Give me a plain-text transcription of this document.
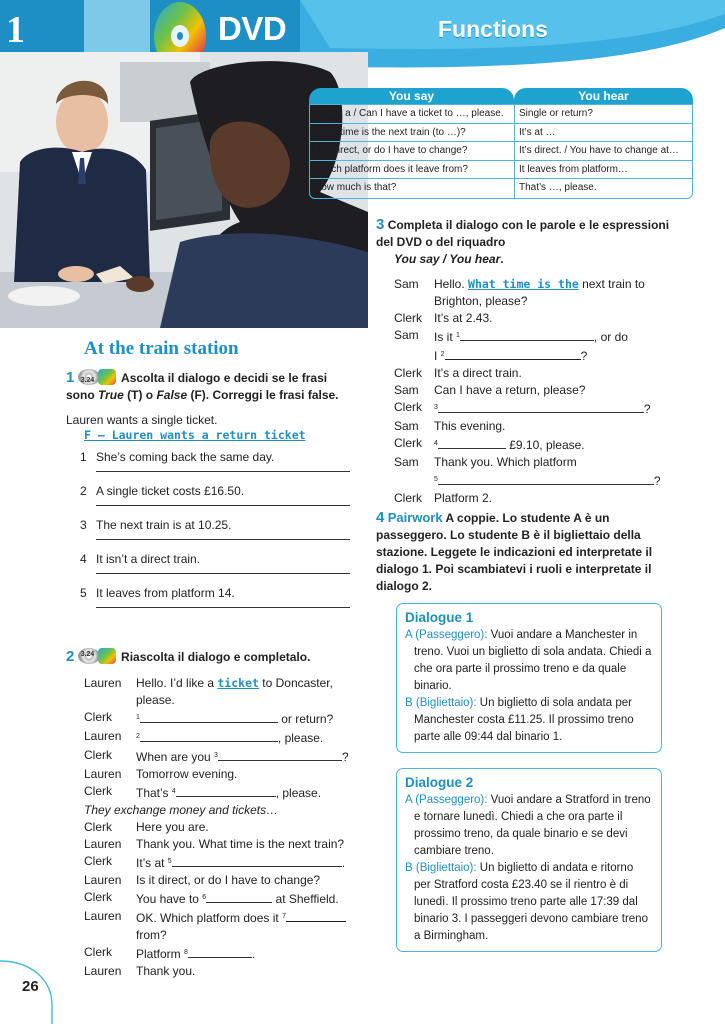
1	DVD	Functions
You say	You hear
I’d like a / Can I have a ticket to …, please.	Single or return?
What time is the next train (to …)?	It’s at …
Is it direct, or do I have to change?	It’s direct. / You have to change at…
Which platform does it leave from?	It leaves from platform…
How much is that?	That’s …, please.
At the train station
1 3.24 Ascolta il dialogo e decidi se le frasi sono True (T) o False (F). Correggi le frasi false.
Lauren wants a single ticket.
F – Lauren wants a return ticket
1 She’s coming back the same day.
2 A single ticket costs £16.50.
3 The next train is at 10.25.
4 It isn’t a direct train.
5 It leaves from platform 14.
2 3.24 Riascolta il dialogo e completalo.
Lauren	Hello. I’d like a ticket to Doncaster, please.
Clerk	$^1$	or return?
Lauren	$^2$	, please.
Clerk	When are you $^3$	?
Lauren	Tomorrow evening.
Clerk	That’s $^4$	, please.
They exchange money and tickets…
Clerk	Here you are.
Lauren	Thank you. What time is the next train?
Clerk	It’s at $^5$	.
Lauren	Is it direct, or do I have to change?
Clerk	You have to $^6$	at Sheffield.
Lauren	OK. Which platform does it $^7$
from?
Clerk	Platform $^8$	.
Lauren	Thank you.
3 Completa il dialogo con le parole e le espressioni del DVD o del riquadro
You say / You hear.
Sam	Hello. What time is the next train to Brighton, please?
Clerk It’s at 2.43.
Sam	Is it $^1$	, or do
I $^2$	?
Clerk It’s a direct train.
Sam	Can I have a return, please?
Clerk	$^3$	?
Sam	This evening.
Clerk	$^4$	£9.10, please.
Sam	Thank you. Which platform
$^5$	?
Clerk Platform 2.
4 Pairwork A coppie. Lo studente A è un passeggero. Lo studente B è il bigliettaio della stazione. Leggete le indicazioni ed interpretate il dialogo 1. Poi scambiatevi i ruoli e interpretate il dialogo 2.
Dialogue 1

A (Passeggero): Vuoi andare a Manchester in treno. Vuoi un biglietto di sola andata. Chiedi a che ora parte il prossimo treno e da quale binario.

B (Bigliettaio): Un biglietto di sola andata per Manchester costa £11.25. Il prossimo treno parte alle 09:44 dal binario 1.

Dialogue 2

A (Passeggero): Vuoi andare a Stratford in treno e tornare lunedì. Chiedi a che ora parte il prossimo treno, da quale binario e se devi cambiare treno.

B (Bigliettaio): Un biglietto di andata e ritorno per Stratford costa £23.40 se il rientro è di lunedì. Il prossimo treno parte alle 17:39 dal binario 3. I passeggeri devono cambiare treno a Birmingham.

26
